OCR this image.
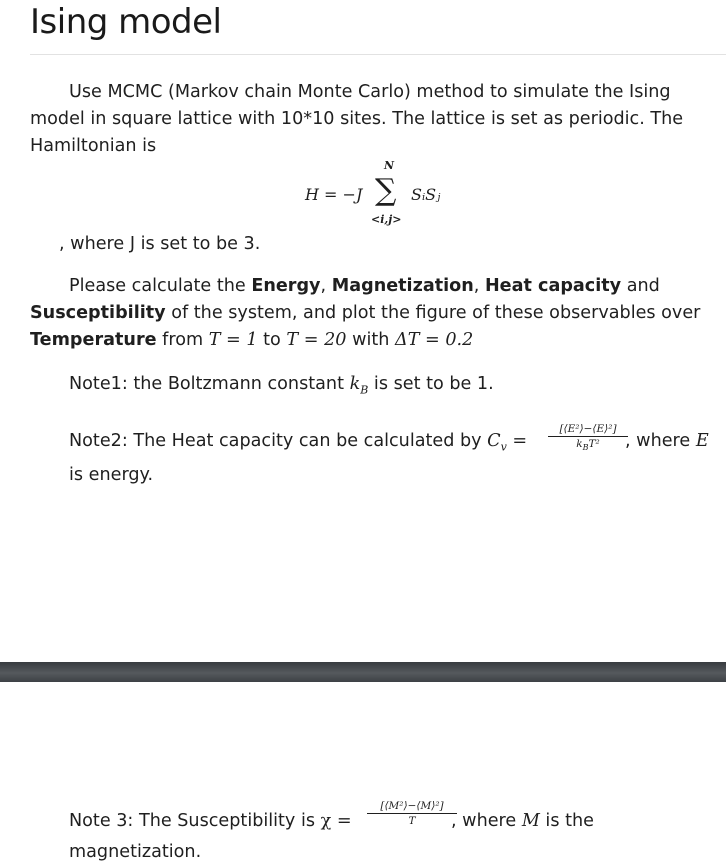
Ising model
Use MCMC (Markov chain Monte Carlo) method to simulate the Ising
model in square lattice with 10*10 sites. The lattice is set as periodic. The
Hamiltonian is
H = −J
N
∑
<i,j>
SᵢSⱼ
, where J is set to be 3.
Please calculate the Energy, Magnetization, Heat capacity and
Susceptibility of the system, and plot the figure of these observables over
Temperature from T = 1 to T = 20 with ΔT = 0.2
Note1: the Boltzmann constant $k_B$ is set to be 1.
Note2: The Heat capacity can be calculated by $C_v$ =
[⟨E²⟩−⟨E⟩²]
$k_BT^2$	, where E
is energy.
Note 3: The Susceptibility is χ =
[⟨M²⟩−⟨M⟩²]
T	, where M is the
magnetization.
